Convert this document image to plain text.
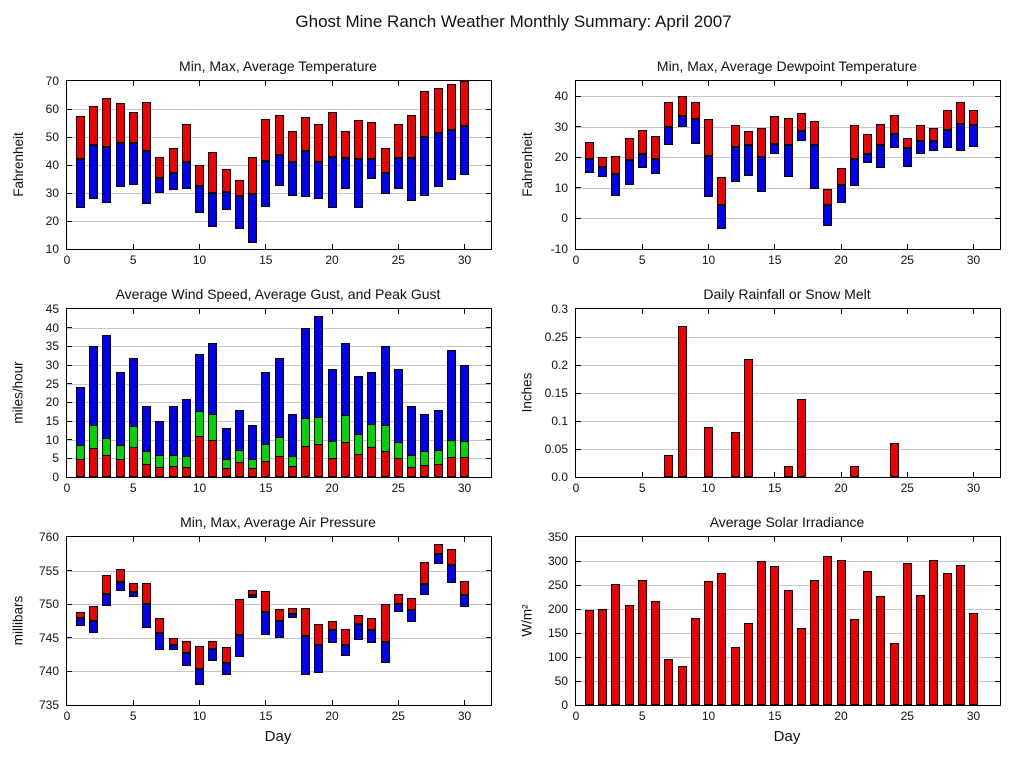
Ghost Mine Ranch Weather Monthly Summary: April 2007
Min, Max, Average Temperature
Fahrenheit
10
20
30
40
50
60
70
0	5	10	15	20	25	30
Min, Max, Average Dewpoint Temperature
Fahrenheit
-10
0
10
20
30
40
0	5	10	15	20	25	30
Average Wind Speed, Average Gust, and Peak Gust
miles/hour
0
5
10
15
20
25
30
35
40
45
0	5	10	15	20	25	30
Daily Rainfall or Snow Melt
Inches
0.0
0.05
0.1
0.15
0.2
0.25
0.3
0	5	10	15	20	25	30
Min, Max, Average Air Pressure
millibars
735
740
745
750
755
760
0	5	10	15	20	25	30
Day
Average Solar Irradiance
W/m²
0
50
100
150
200
250
300
350
0	5	10	15	20	25	30
Day
